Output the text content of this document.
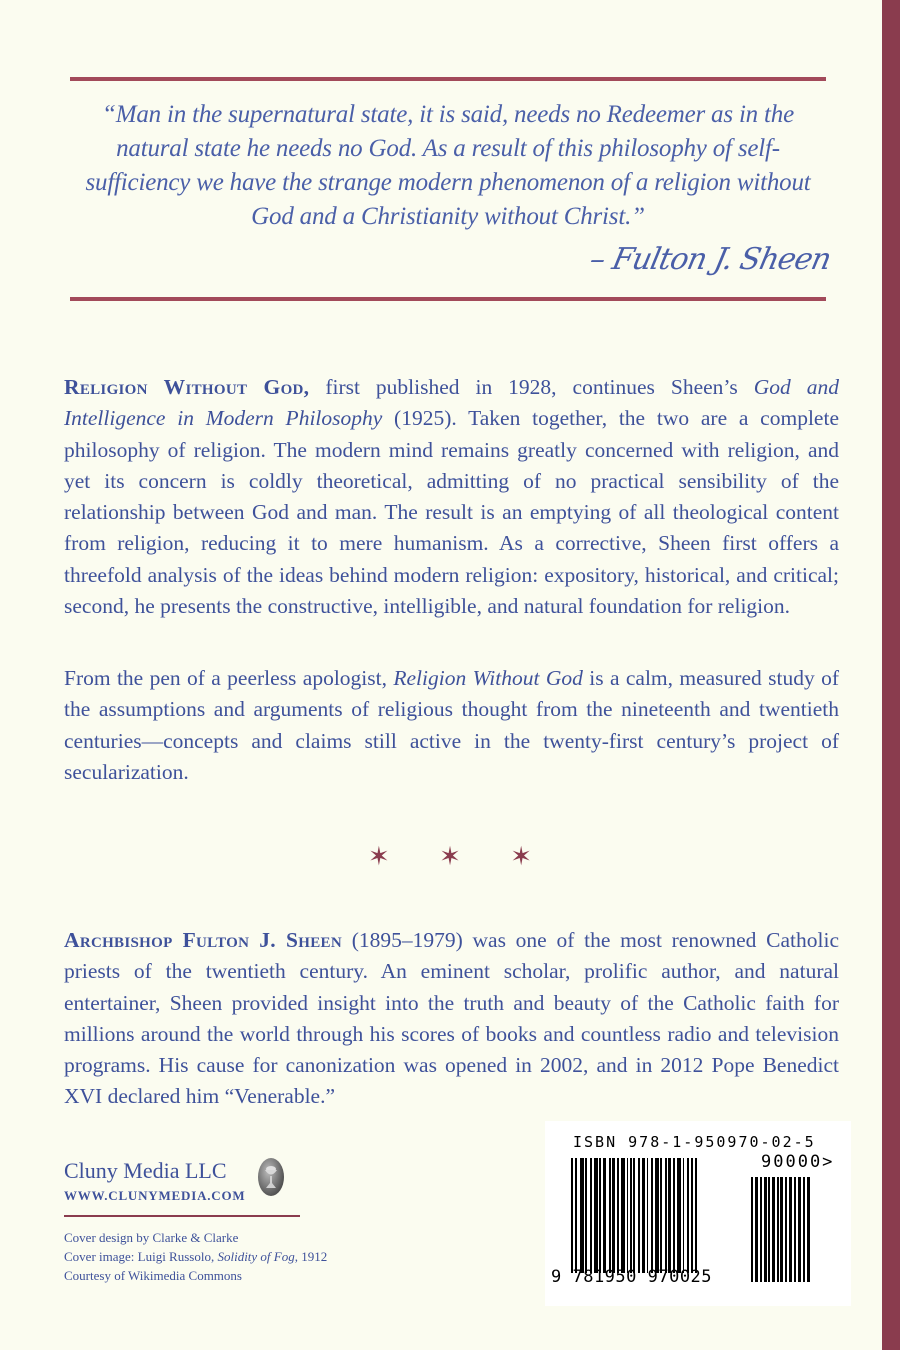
“Man in the supernatural state, it is said, needs no Redeemer as in the natural state he needs no God. As a result of this philosophy of self-sufficiency we have the strange modern phenomenon of a religion without God and a Christianity without Christ.”
– Fulton J. Sheen

Religion Without God, first published in 1928, continues Sheen’s God and Intelligence in Modern Philosophy (1925). Taken together, the two are a complete philosophy of religion. The modern mind remains greatly concerned with religion, and yet its concern is coldly theoretical, admitting of no practical sensibility of the relationship between God and man. The result is an emptying of all theological content from religion, reducing it to mere humanism. As a corrective, Sheen first offers a threefold analysis of the ideas behind modern religion: expository, historical, and critical; second, he presents the constructive, intelligible, and natural foundation for religion.

From the pen of a peerless apologist, Religion Without God is a calm, measured study of the assumptions and arguments of religious thought from the nineteenth and twentieth centuries—concepts and claims still active in the twenty-first century’s project of secularization.

✶ ✶ ✶

Archbishop Fulton J. Sheen (1895–1979) was one of the most renowned Catholic priests of the twentieth century. An eminent scholar, prolific author, and natural entertainer, Sheen provided insight into the truth and beauty of the Catholic faith for millions around the world through his scores of books and countless radio and television programs. His cause for canonization was opened in 2002, and in 2012 Pope Benedict XVI declared him “Venerable.”

Cluny Media LLC
WWW.CLUNYMEDIA.COM
Cover design by Clarke & Clarke
Cover image: Luigi Russolo, Solidity of Fog, 1912
Courtesy of Wikimedia Commons
ISBN 978-1-950970-02-5
90000>
9 781950 970025
